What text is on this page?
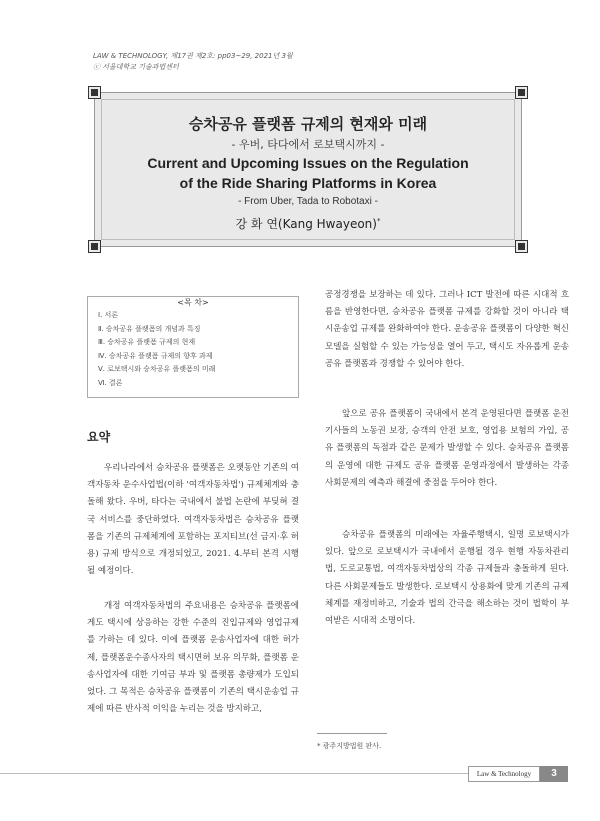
LAW & TECHNOLOGY, 제17권 제2호: pp03~29, 2021년 3월
ⓒ 서울대학교 기술과법센터
승차공유 플랫폼 규제의 현재와 미래
- 우버, 타다에서 로보택시까지 -
Current and Upcoming Issues on the Regulation
of the Ride Sharing Platforms in Korea
- From Uber, Tada to Robotaxi -
강 화 연(Kang Hwayeon)*
<목 차>
Ⅰ. 서론
Ⅱ. 승차공유 플랫폼의 개념과 특징
Ⅲ. 승차공유 플랫폼 규제의 현재
Ⅳ. 승차공유 플랫폼 규제의 향후 과제
Ⅴ. 로보택시와 승차공유 플랫폼의 미래
Ⅵ. 결론
요약
우리나라에서 승차공유 플랫폼은 오랫동안 기존의 여객자동차 운수사업법(이하 '여객자동차법') 규제체계와 충돌해 왔다. 우버, 타다는 국내에서 불법 논란에 부딪혀 결국 서비스를 중단하였다. 여객자동차법은 승차공유 플랫폼을 기존의 규제체계에 포함하는 포지티브(선 금지·후 허용) 규제 방식으로 개정되었고, 2021. 4.부터 본격 시행될 예정이다.
개정 여객자동차법의 주요내용은 승차공유 플랫폼에게도 택시에 상응하는 강한 수준의 진입규제와 영업규제를 가하는 데 있다. 이에 플랫폼 운송사업자에 대한 허가제, 플랫폼운수종사자의 택시면허 보유 의무화, 플랫폼 운송사업자에 대한 기여금 부과 및 플랫폼 총량제가 도입되었다. 그 목적은 승차공유 플랫폼이 기존의 택시운송업 규제에 따른 반사적 이익을 누리는 것을 방지하고,
공정경쟁을 보장하는 데 있다. 그러나 ICT 발전에 따른 시대적 흐름을 반영한다면, 승차공유 플랫폼 규제를 강화할 것이 아니라 택시운송업 규제를 완화하여야 한다. 운송공유 플랫폼이 다양한 혁신 모델을 실험할 수 있는 가능성을 열어 두고, 택시도 자유롭게 운송공유 플랫폼과 경쟁할 수 있어야 한다.
앞으로 공유 플랫폼이 국내에서 본격 운영된다면 플랫폼 운전기사들의 노동권 보장, 승객의 안전 보호, 영업용 보험의 가입, 공유 플랫폼의 독점과 같은 문제가 발생할 수 있다. 승차공유 플랫폼의 운영에 대한 규제도 공유 플랫폼 운영과정에서 발생하는 각종 사회문제의 예측과 해결에 중점을 두어야 한다.
승차공유 플랫폼의 미래에는 자율주행택시, 일명 로보택시가 있다. 앞으로 로보택시가 국내에서 운행될 경우 현행 자동차관리법, 도로교통법, 여객자동차법상의 각종 규제들과 충돌하게 된다. 다른 사회문제들도 발생한다. 로보택시 상용화에 맞게 기존의 규제체계를 재정비하고, 기술과 법의 간극을 해소하는 것이 법학이 부여받은 시대적 소명이다.
* 광주지방법원 판사.
Law & Technology	3
